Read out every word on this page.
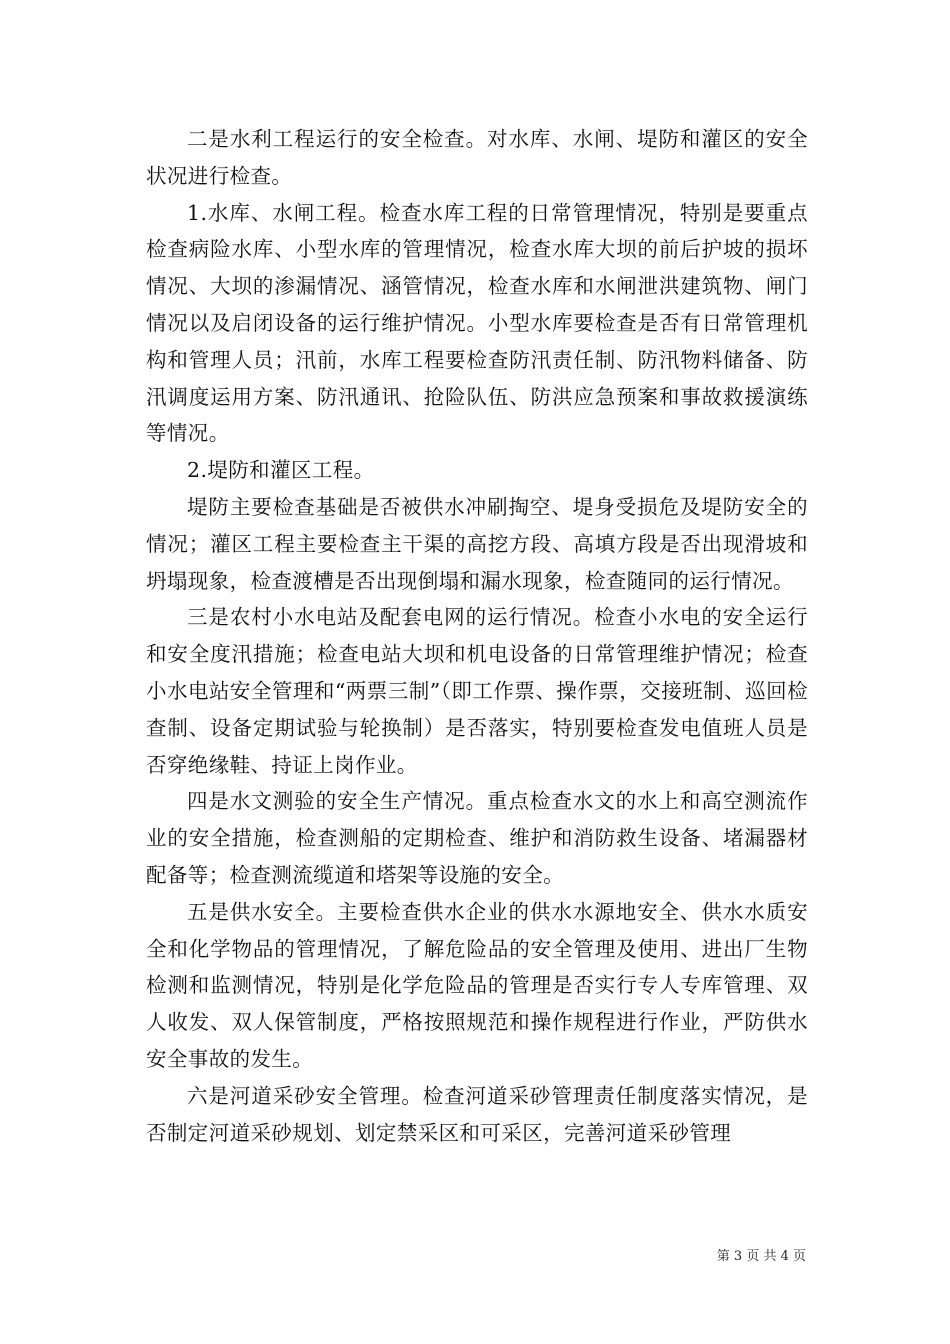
二是水利工程运行的安全检查。对水库、水闸、堤防和灌区的安全状况进行检查。

1.水库、水闸工程。检查水库工程的日常管理情况，特别是要重点检查病险水库、小型水库的管理情况，检查水库大坝的前后护坡的损坏情况、大坝的渗漏情况、涵管情况，检查水库和水闸泄洪建筑物、闸门情况以及启闭设备的运行维护情况。小型水库要检查是否有日常管理机构和管理人员；汛前，水库工程要检查防汛责任制、防汛物料储备、防汛调度运用方案、防汛通讯、抢险队伍、防洪应急预案和事故救援演练等情况。

2.堤防和灌区工程。

堤防主要检查基础是否被供水冲刷掏空、堤身受损危及堤防安全的情况；灌区工程主要检查主干渠的高挖方段、高填方段是否出现滑坡和坍塌现象，检查渡槽是否出现倒塌和漏水现象，检查随同的运行情况。

三是农村小水电站及配套电网的运行情况。检查小水电的安全运行和安全度汛措施；检查电站大坝和机电设备的日常管理维护情况；检查小水电站安全管理和“两票三制”（即工作票、操作票，交接班制、巡回检查制、设备定期试验与轮换制）是否落实，特别要检查发电值班人员是否穿绝缘鞋、持证上岗作业。

四是水文测验的安全生产情况。重点检查水文的水上和高空测流作业的安全措施，检查测船的定期检查、维护和消防救生设备、堵漏器材配备等；检查测流缆道和塔架等设施的安全。

五是供水安全。主要检查供水企业的供水水源地安全、供水水质安全和化学物品的管理情况，了解危险品的安全管理及使用、进出厂生物检测和监测情况，特别是化学危险品的管理是否实行专人专库管理、双人收发、双人保管制度，严格按照规范和操作规程进行作业，严防供水安全事故的发生。

六是河道采砂安全管理。检查河道采砂管理责任制度落实情况，是否制定河道采砂规划、划定禁采区和可采区，完善河道采砂管理

第 3 页 共 4 页
